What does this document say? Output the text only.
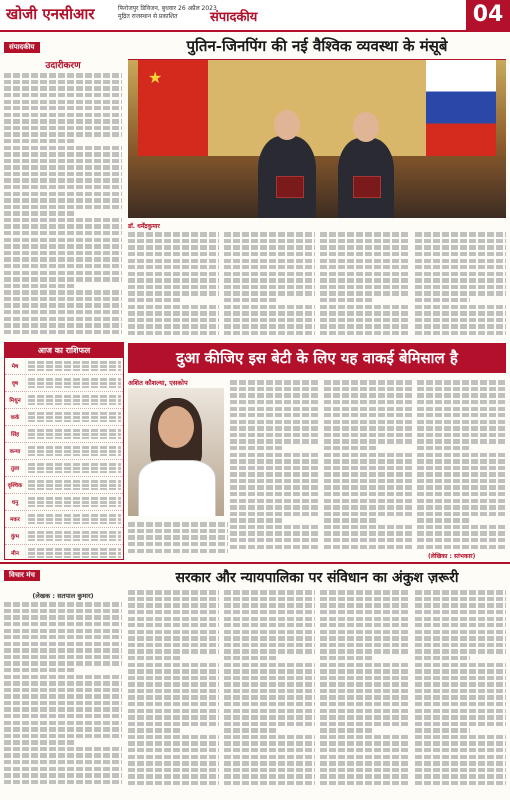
खोजी एनसीआर	फिरोजपुर डिविजन, बुधवार 26 अप्रैल 2023
मुद्रित राजस्थान से प्रकाशित	संपादकीय	04
संपादकीय
उदारीकरण
आज का राशिफल
मेष
वृष
मिथुन
कर्क
सिंह
कन्या
तुला
वृश्चिक
धनु
मकर
कुंभ
मीन
पुतिन-जिनपिंग की नई वैश्विक व्यवस्था के मंसूबे
★
डॉ. धर्मेंद्रकुमार
दुआ कीजिए इस बेटी के लिए यह वाकई बेमिसाल है
अशित कौशल्या, एसकोप
(लेखिका : स्तंभकार)
विचार मंच	सरकार और न्यायपालिका पर संविधान का अंकुश ज़रूरी
(लेखक : सतपाल कुमार)
